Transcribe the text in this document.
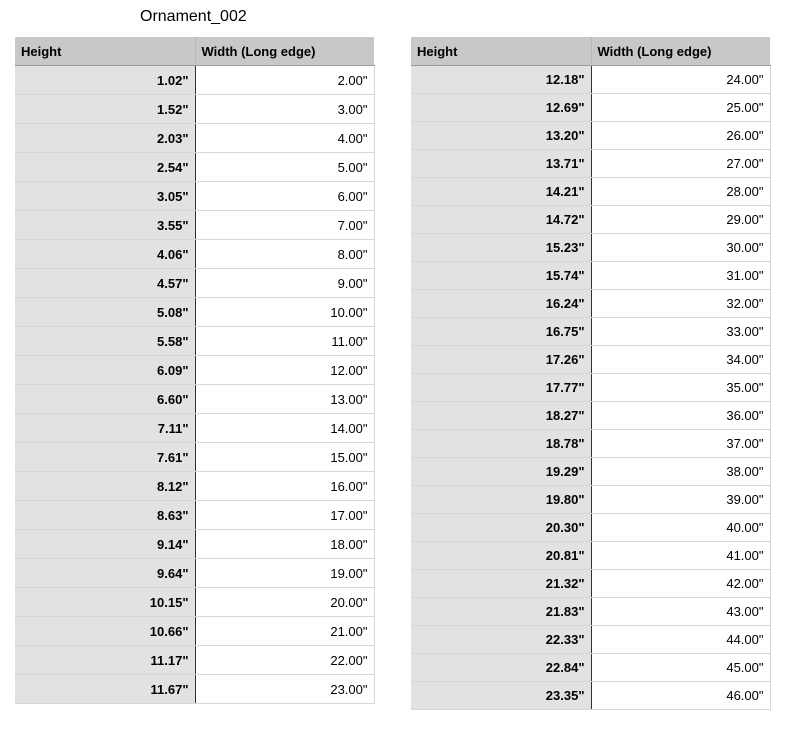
Ornament_002
Height	Width (Long edge)
1.02"	2.00"
1.52"	3.00"
2.03"	4.00"
2.54"	5.00"
3.05"	6.00"
3.55"	7.00"
4.06"	8.00"
4.57"	9.00"
5.08"	10.00"
5.58"	11.00"
6.09"	12.00"
6.60"	13.00"
7.11"	14.00"
7.61"	15.00"
8.12"	16.00"
8.63"	17.00"
9.14"	18.00"
9.64"	19.00"
10.15"	20.00"
10.66"	21.00"
11.17"	22.00"
11.67"	23.00"
Height	Width (Long edge)
12.18"	24.00"
12.69"	25.00"
13.20"	26.00"
13.71"	27.00"
14.21"	28.00"
14.72"	29.00"
15.23"	30.00"
15.74"	31.00"
16.24"	32.00"
16.75"	33.00"
17.26"	34.00"
17.77"	35.00"
18.27"	36.00"
18.78"	37.00"
19.29"	38.00"
19.80"	39.00"
20.30"	40.00"
20.81"	41.00"
21.32"	42.00"
21.83"	43.00"
22.33"	44.00"
22.84"	45.00"
23.35"	46.00"
